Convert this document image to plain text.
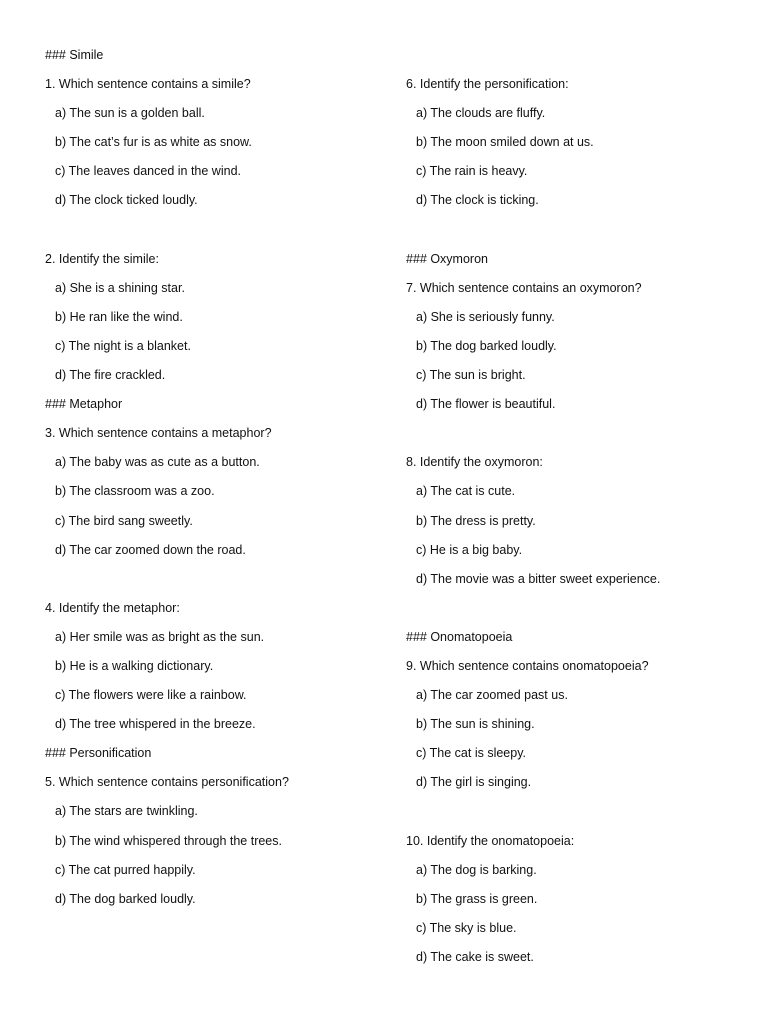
### Simile
1. Which sentence contains a simile?
a) The sun is a golden ball.
b) The cat’s fur is as white as snow.
c) The leaves danced in the wind.
d) The clock ticked loudly.
2. Identify the simile:
a) She is a shining star.
b) He ran like the wind.
c) The night is a blanket.
d) The fire crackled.
### Metaphor
3. Which sentence contains a metaphor?
a) The baby was as cute as a button.
b) The classroom was a zoo.
c) The bird sang sweetly.
d) The car zoomed down the road.
4. Identify the metaphor:
a) Her smile was as bright as the sun.
b) He is a walking dictionary.
c) The flowers were like a rainbow.
d) The tree whispered in the breeze.
### Personification
5. Which sentence contains personification?
a) The stars are twinkling.
b) The wind whispered through the trees.
c) The cat purred happily.
d) The dog barked loudly.
6. Identify the personification:
a) The clouds are fluffy.
b) The moon smiled down at us.
c) The rain is heavy.
d) The clock is ticking.
### Oxymoron
7. Which sentence contains an oxymoron?
a) She is seriously funny.
b) The dog barked loudly.
c) The sun is bright.
d) The flower is beautiful.
8. Identify the oxymoron:
a) The cat is cute.
b) The dress is pretty.
c) He is a big baby.
d) The movie was a bitter sweet experience.
### Onomatopoeia
9. Which sentence contains onomatopoeia?
a) The car zoomed past us.
b) The sun is shining.
c) The cat is sleepy.
d) The girl is singing.
10. Identify the onomatopoeia:
a) The dog is barking.
b) The grass is green.
c) The sky is blue.
d) The cake is sweet.
